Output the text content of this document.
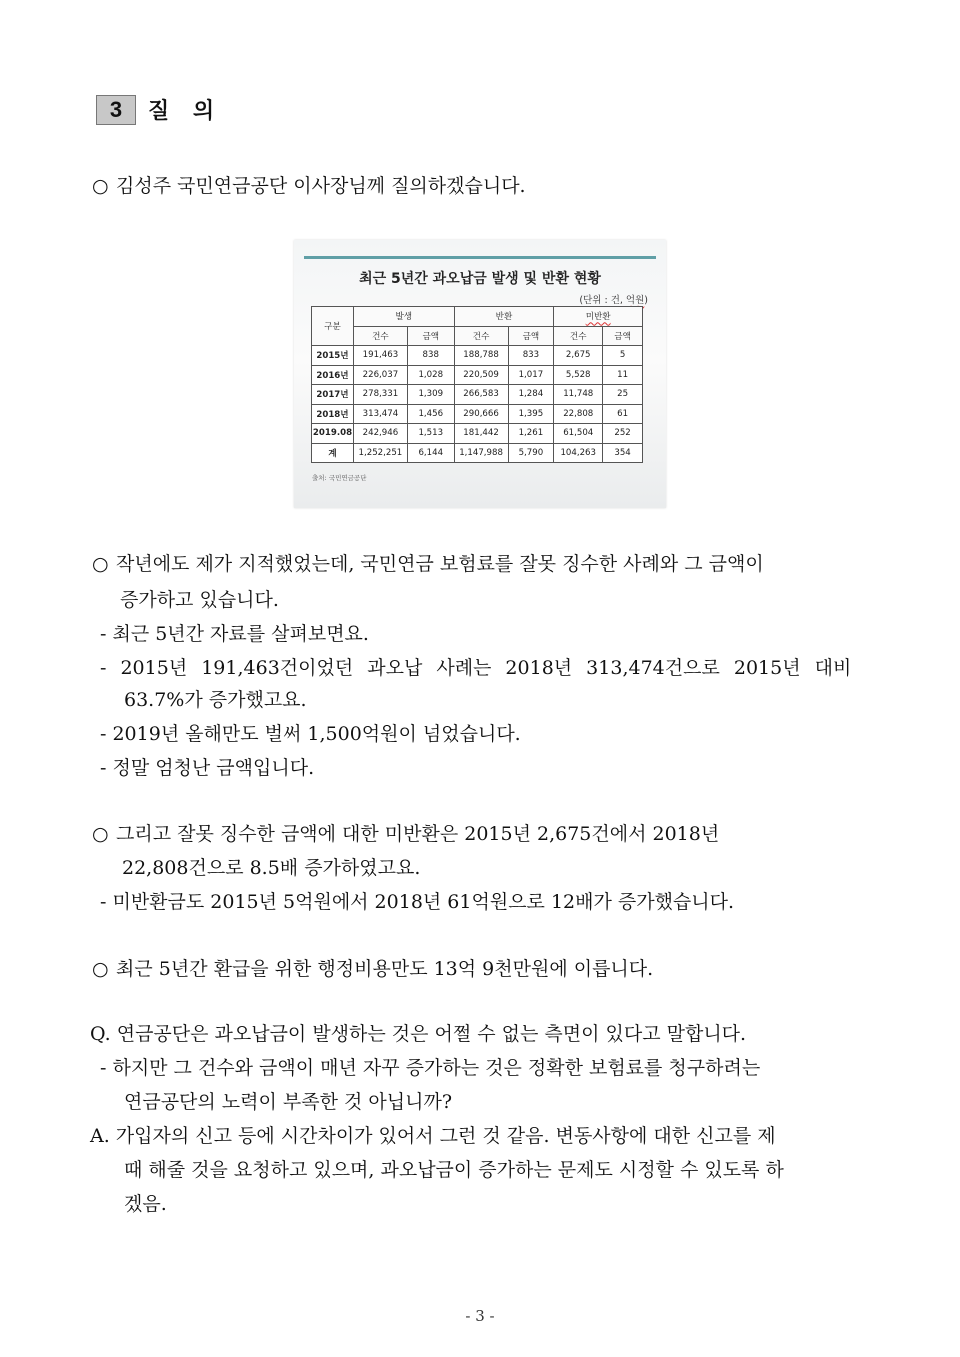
3	질 의
○ 김성주 국민연금공단 이사장님께 질의하겠습니다.
최근 5년간 과오납금 발생 및 반환 현황
(단위 : 건, 억원)
구분	발생		반환		미반환	
	건수	금액	건수	금액	건수	금액
2015년	191,463	838	188,788	833	2,675	5
2016년	226,037	1,028	220,509	1,017	5,528	11
2017년	278,331	1,309	266,583	1,284	11,748	25
2018년	313,474	1,456	290,666	1,395	22,808	61
2019.08	242,946	1,513	181,442	1,261	61,504	252
계	1,252,251	6,144	1,147,988	5,790	104,263	354
출처: 국민연금공단
○ 작년에도 제가 지적했었는데, 국민연금 보험료를 잘못 징수한 사례와 그 금액이
증가하고 있습니다.
- 최근 5년간 자료를 살펴보면요.
- 2015년 191,463건이었던 과오납 사례는 2018년 313,474건으로 2015년 대비
63.7%가 증가했고요.
- 2019년 올해만도 벌써 1,500억원이 넘었습니다.
- 정말 엄청난 금액입니다.
○ 그리고 잘못 징수한 금액에 대한 미반환은 2015년 2,675건에서 2018년
22,808건으로 8.5배 증가하였고요.
- 미반환금도 2015년 5억원에서 2018년 61억원으로 12배가 증가했습니다.
○ 최근 5년간 환급을 위한 행정비용만도 13억 9천만원에 이릅니다.
Q. 연금공단은 과오납금이 발생하는 것은 어쩔 수 없는 측면이 있다고 말합니다.
- 하지만 그 건수와 금액이 매년 자꾸 증가하는 것은 정확한 보험료를 청구하려는
연금공단의 노력이 부족한 것 아닙니까?
A. 가입자의 신고 등에 시간차이가 있어서 그런 것 같음. 변동사항에 대한 신고를 제
때 해줄 것을 요청하고 있으며, 과오납금이 증가하는 문제도 시정할 수 있도록 하
겠음.
- 3 -
